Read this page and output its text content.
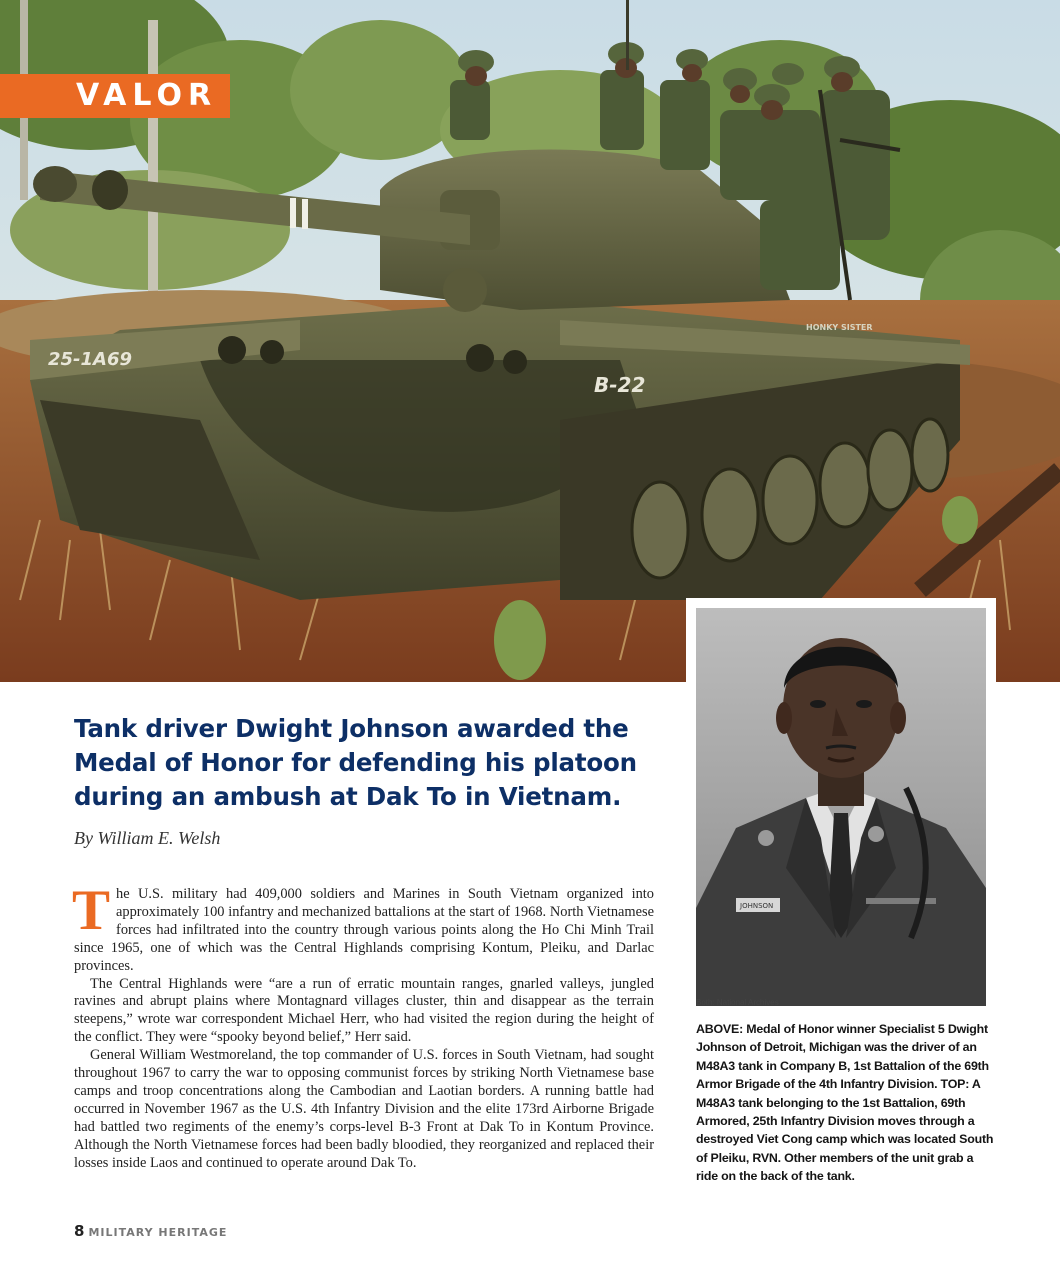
25-1A69
B-22
HONKY SISTER
VALOR
JOHNSON
Both: National Archives
ABOVE: Medal of Honor winner Specialist 5 Dwight Johnson of Detroit, Michigan was the driver of an M48A3 tank in Company B, 1st Battalion of the 69th Armor Brigade of the 4th Infantry Division. TOP: A M48A3 tank belonging to the 1st Battalion, 69th Armored, 25th Infantry Division moves through a destroyed Viet Cong camp which was located South of Pleiku, RVN. Other members of the unit grab a ride on the back of the tank.
Tank driver Dwight Johnson awarded the Medal of Honor for defending his platoon during an ambush at Dak To in Vietnam.
By William E. Welsh

The U.S. military had 409,000 soldiers and Marines in South Vietnam organized into approximately 100 infantry and mechanized battalions at the start of 1968. North Vietnamese forces had infiltrated into the country through various points along the Ho Chi Minh Trail since 1965, one of which was the Central Highlands comprising Kontum, Pleiku, and Darlac provinces.

The Central Highlands were “are a run of erratic mountain ranges, gnarled valleys, jungled ravines and abrupt plains where Montagnard villages cluster, thin and disappear as the terrain steepens,” wrote war correspondent Michael Herr, who had visited the region during the height of the conflict. They were “spooky beyond belief,” Herr said.

General William Westmoreland, the top commander of U.S. forces in South Vietnam, had sought throughout 1967 to carry the war to opposing communist forces by striking North Vietnamese base camps and troop concentrations along the Cambodian and Laotian borders. A running battle had occurred in November 1967 as the U.S. 4th Infantry Division and the elite 173rd Airborne Brigade had battled two regiments of the enemy’s corps-level B-3 Front at Dak To in Kontum Province. Although the North Vietnamese forces had been badly bloodied, they reorganized and replaced their losses inside Laos and continued to operate around Dak To.

8 MILITARY HERITAGE
